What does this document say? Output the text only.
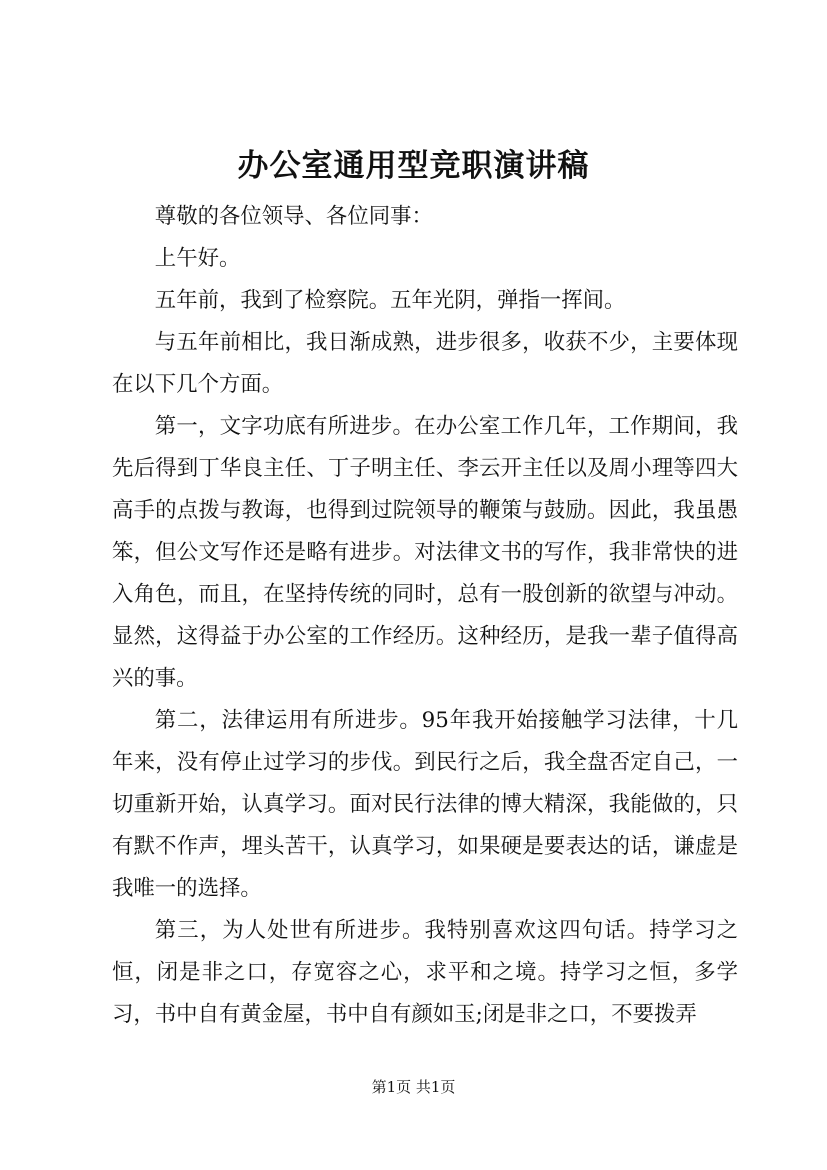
办公室通用型竞职演讲稿

尊敬的各位领导、各位同事：

上午好。

五年前，我到了检察院。五年光阴，弹指一挥间。

与五年前相比，我日渐成熟，进步很多，收获不少，主要体现在以下几个方面。

第一，文字功底有所进步。在办公室工作几年，工作期间，我先后得到丁华良主任、丁子明主任、李云开主任以及周小理等四大高手的点拨与教诲，也得到过院领导的鞭策与鼓励。因此，我虽愚笨，但公文写作还是略有进步。对法律文书的写作，我非常快的进入角色，而且，在坚持传统的同时，总有一股创新的欲望与冲动。显然，这得益于办公室的工作经历。这种经历，是我一辈子值得高兴的事。

第二，法律运用有所进步。95年我开始接触学习法律，十几年来，没有停止过学习的步伐。到民行之后，我全盘否定自己，一切重新开始，认真学习。面对民行法律的博大精深，我能做的，只有默不作声，埋头苦干，认真学习，如果硬是要表达的话，谦虚是我唯一的选择。

第三，为人处世有所进步。我特别喜欢这四句话。持学习之恒，闭是非之口，存宽容之心，求平和之境。持学习之恒，多学习，书中自有黄金屋，书中自有颜如玉;闭是非之口，不要拨弄

第1页 共1页
